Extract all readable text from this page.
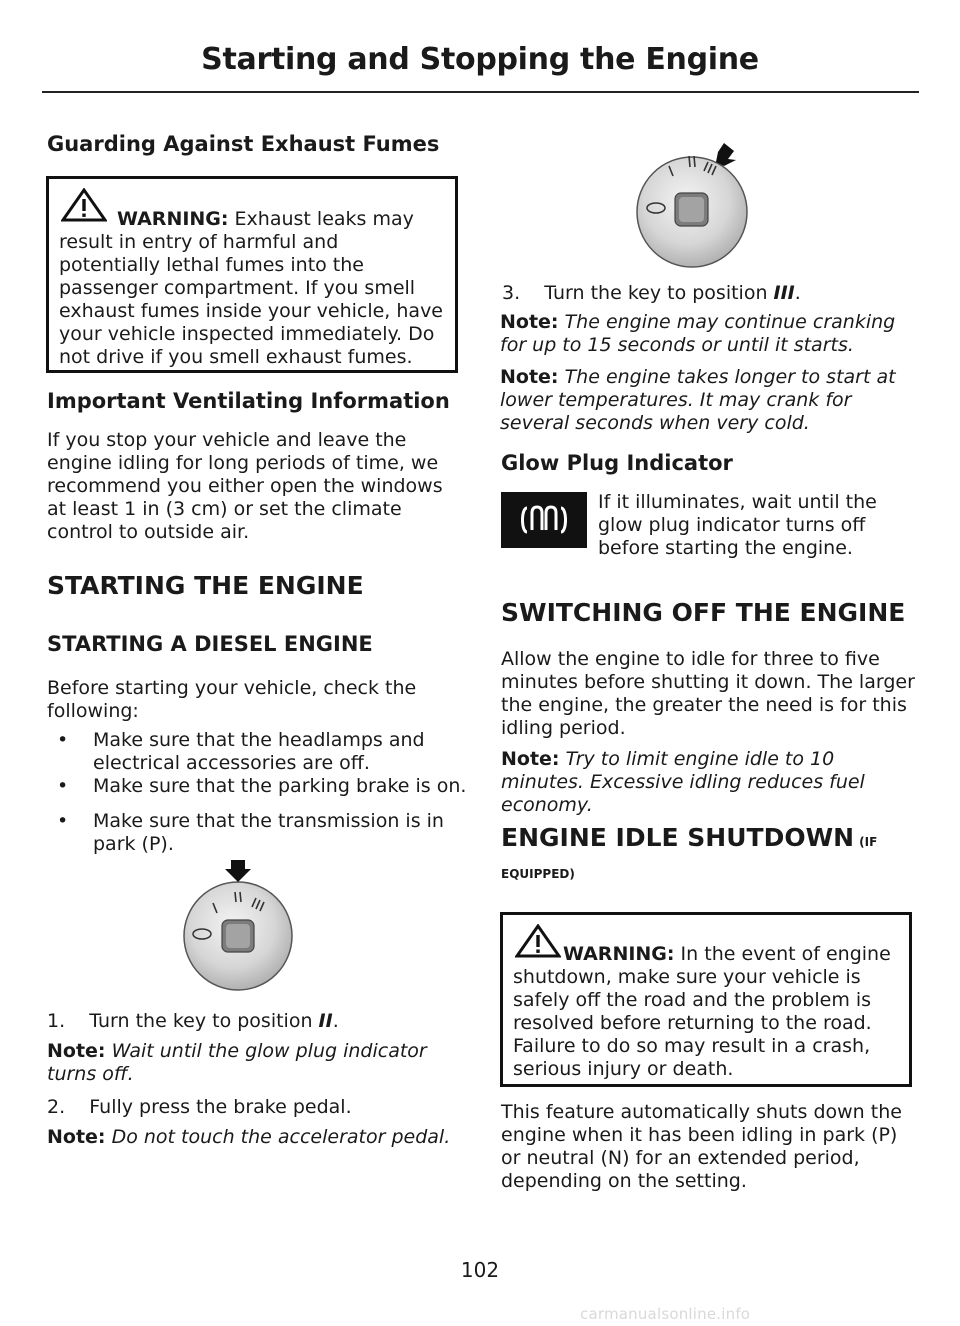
Starting and Stopping the Engine
Guarding Against Exhaust Fumes

WARNING: Exhaust leaks may result in entry of harmful and potentially lethal fumes into the passenger compartment. If you smell exhaust fumes inside your vehicle, have your vehicle inspected immediately. Do not drive if you smell exhaust fumes.

Important Ventilating Information

If you stop your vehicle and leave the engine idling for long periods of time, we recommend you either open the windows at least 1 in (3 cm) or set the climate control to outside air.

STARTING THE ENGINE
STARTING A DIESEL ENGINE

Before starting your vehicle, check the following:

• Make sure that the headlamps and electrical accessories are off.
• Make sure that the parking brake is on.
• Make sure that the transmission is in park (P).

1.    Turn the key to position II.

Note: Wait until the glow plug indicator turns off.

2.    Fully press the brake pedal.

Note: Do not touch the accelerator pedal.

3.    Turn the key to position III.

Note: The engine may continue cranking for up to 15 seconds or until it starts.

Note: The engine takes longer to start at lower temperatures. It may crank for several seconds when very cold.

Glow Plug Indicator

If it illuminates, wait until the glow plug indicator turns off before starting the engine.

SWITCHING OFF THE ENGINE

Allow the engine to idle for three to five minutes before shutting it down. The larger the engine, the greater the need is for this idling period.

Note: Try to limit engine idle to 10 minutes. Excessive idling reduces fuel economy.

ENGINE IDLE SHUTDOWN (IF
EQUIPPED)

WARNING: In the event of engine shutdown, make sure your vehicle is safely off the road and the problem is resolved before returning to the road. Failure to do so may result in a crash, serious injury or death.

This feature automatically shuts down the engine when it has been idling in park (P) or neutral (N) for an extended period, depending on the setting.

102
carmanualsonline.info
